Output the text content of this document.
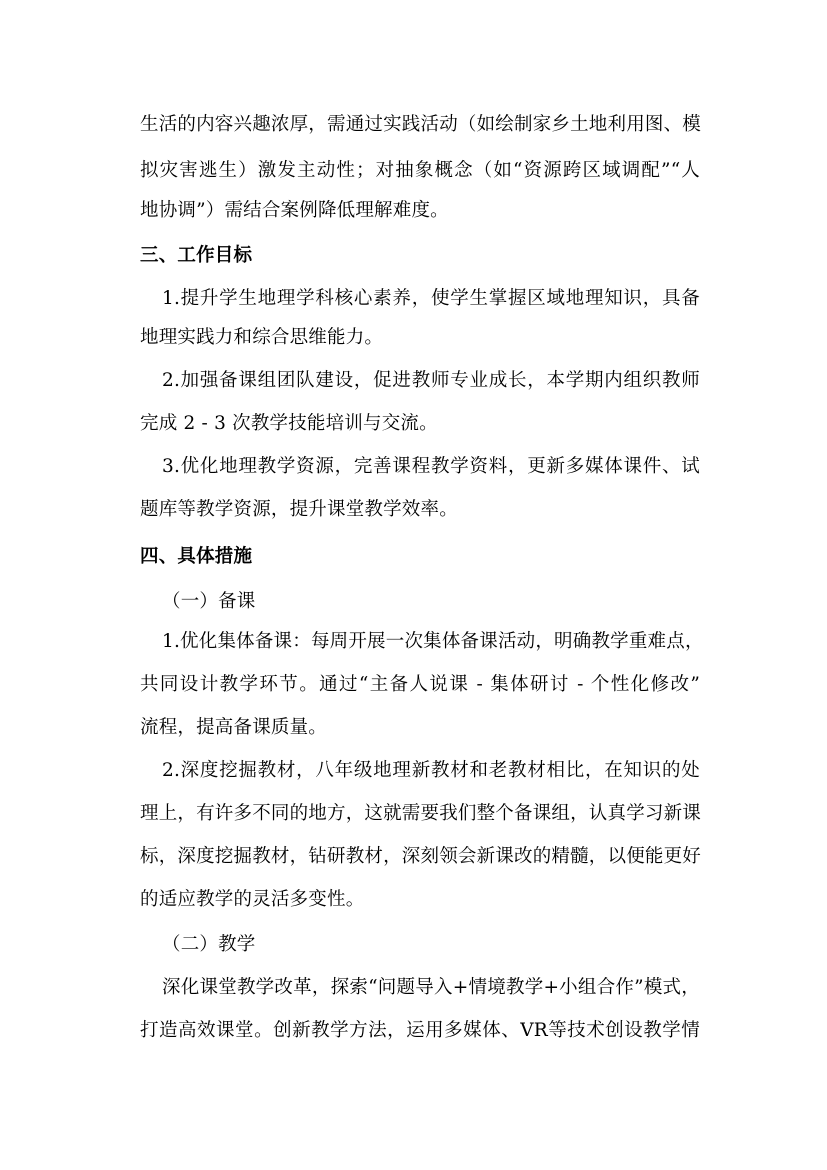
生活的内容兴趣浓厚，需通过实践活动（如绘制家乡土地利用图、模
拟灾害逃生）激发主动性；对抽象概念（如“资源跨区域调配”“人
地协调”）需结合案例降低理解难度。
三、工作目标
1.提升学生地理学科核心素养，使学生掌握区域地理知识，具备
地理实践力和综合思维能力。
2.加强备课组团队建设，促进教师专业成长，本学期内组织教师
完成 2 - 3 次教学技能培训与交流。
3.优化地理教学资源，完善课程教学资料，更新多媒体课件、试
题库等教学资源，提升课堂教学效率。
四、具体措施
（一）备课
1.优化集体备课：每周开展一次集体备课活动，明确教学重难点，
共同设计教学环节。通过“主备人说课 - 集体研讨 - 个性化修改”
流程，提高备课质量。
2.深度挖掘教材，八年级地理新教材和老教材相比，在知识的处
理上，有许多不同的地方，这就需要我们整个备课组，认真学习新课
标，深度挖掘教材，钻研教材，深刻领会新课改的精髓，以便能更好
的适应教学的灵活多变性。
（二）教学
深化课堂教学改革，探索“问题导入+情境教学+小组合作”模式，
打造高效课堂。创新教学方法，运用多媒体、VR等技术创设教学情
